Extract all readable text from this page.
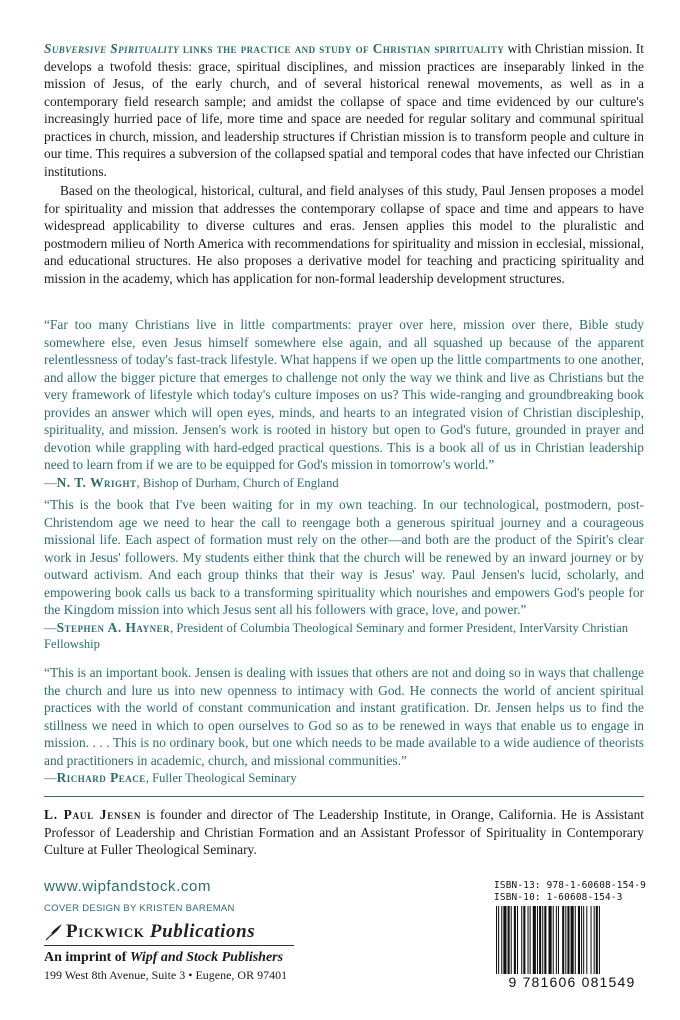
Subversive Spirituality links the practice and study of Christian spirituality with Christian mission. It develops a twofold thesis: grace, spiritual disciplines, and mission practices are inseparably linked in the mission of Jesus, of the early church, and of several historical renewal movements, as well as in a contemporary field research sample; and amidst the collapse of space and time evidenced by our culture's increasingly hurried pace of life, more time and space are needed for regular solitary and communal spiritual practices in church, mission, and leadership structures if Christian mission is to transform people and culture in our time. This requires a subversion of the collapsed spatial and temporal codes that have infected our Christian institutions.

Based on the theological, historical, cultural, and field analyses of this study, Paul Jensen proposes a model for spirituality and mission that addresses the contemporary collapse of space and time and appears to have widespread applicability to diverse cultures and eras. Jensen applies this model to the pluralistic and postmodern milieu of North America with recommendations for spirituality and mission in ecclesial, missional, and educational structures. He also proposes a derivative model for teaching and practicing spirituality and mission in the academy, which has application for non-formal leadership development structures.

“Far too many Christians live in little compartments: prayer over here, mission over there, Bible study somewhere else, even Jesus himself somewhere else again, and all squashed up because of the apparent relentlessness of today's fast-track lifestyle. What happens if we open up the little compartments to one another, and allow the bigger picture that emerges to challenge not only the way we think and live as Christians but the very framework of lifestyle which today's culture imposes on us? This wide-ranging and groundbreaking book provides an answer which will open eyes, minds, and hearts to an integrated vision of Christian discipleship, spirituality, and mission. Jensen's work is rooted in history but open to God's future, grounded in prayer and devotion while grappling with hard-edged practical questions. This is a book all of us in Christian leadership need to learn from if we are to be equipped for God's mission in tomorrow's world.”

—N. T. Wright, Bishop of Durham, Church of England

“This is the book that I've been waiting for in my own teaching. In our technological, postmodern, post-Christendom age we need to hear the call to reengage both a generous spiritual journey and a courageous missional life. Each aspect of formation must rely on the other—and both are the product of the Spirit's clear work in Jesus' followers. My students either think that the church will be renewed by an inward journey or by outward activism. And each group thinks that their way is Jesus' way. Paul Jensen's lucid, scholarly, and empowering book calls us back to a transforming spirituality which nourishes and empowers God's people for the Kingdom mission into which Jesus sent all his followers with grace, love, and power.”

—Stephen A. Hayner, President of Columbia Theological Seminary and former President, InterVarsity Christian Fellowship

“This is an important book. Jensen is dealing with issues that others are not and doing so in ways that challenge the church and lure us into new openness to intimacy with God. He connects the world of ancient spiritual practices with the world of constant communication and instant gratification. Dr. Jensen helps us to find the stillness we need in which to open ourselves to God so as to be renewed in ways that enable us to engage in mission. . . . This is no ordinary book, but one which needs to be made available to a wide audience of theorists and practitioners in academic, church, and missional communities.”

—Richard Peace, Fuller Theological Seminary

L. Paul Jensen is founder and director of The Leadership Institute, in Orange, California. He is Assistant Professor of Leadership and Christian Formation and an Assistant Professor of Spirituality in Contemporary Culture at Fuller Theological Seminary.
www.wipfandstock.com
COVER DESIGN BY KRISTEN BAREMAN
Pickwick Publications
An imprint of Wipf and Stock Publishers
199 West 8th Avenue, Suite 3 • Eugene, OR 97401
ISBN-13: 978-1-60608-154-9
ISBN-10: 1-60608-154-3
9 781606 081549
